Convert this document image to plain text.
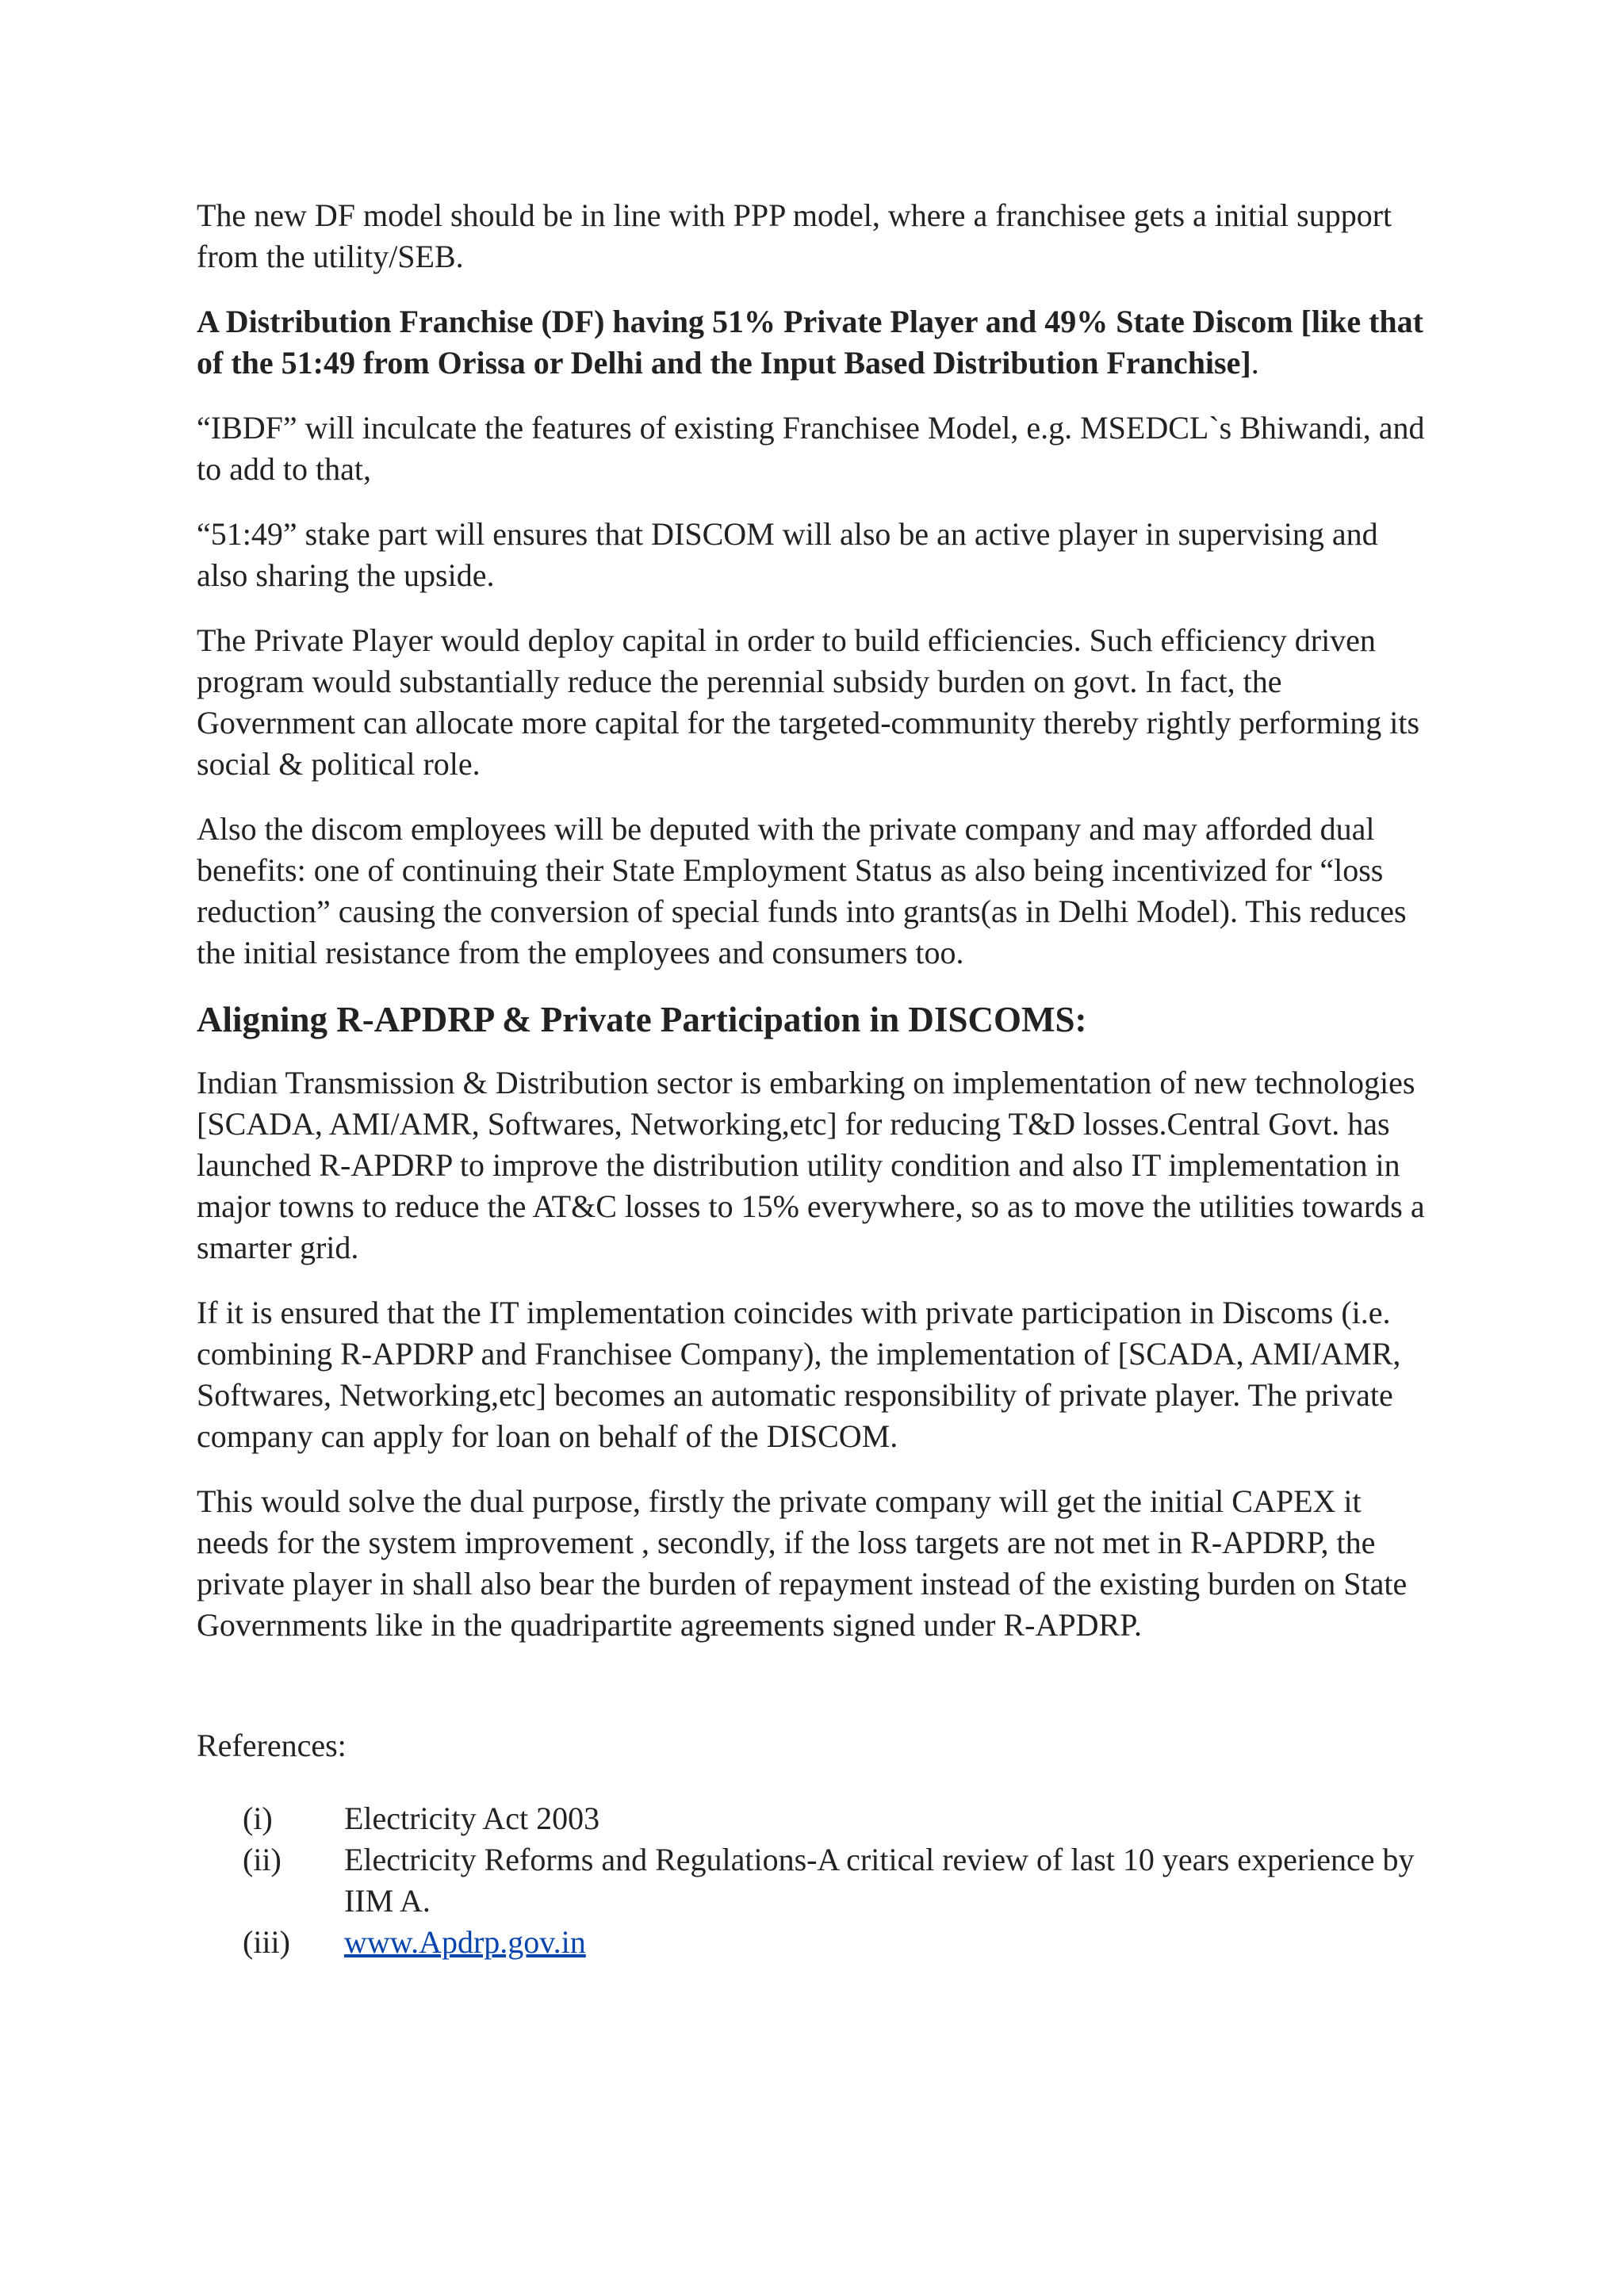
The new DF model should be in line with PPP model, where a franchisee gets a initial support from the utility/SEB.

A Distribution Franchise (DF) having 51% Private Player and 49% State Discom [like that of the 51:49 from Orissa or Delhi and the Input Based Distribution Franchise].

“IBDF” will inculcate the features of existing Franchisee Model, e.g. MSEDCL`s Bhiwandi, and to add to that,

“51:49” stake part will ensures that DISCOM will also be an active player in supervising and also sharing the upside.

The Private Player would deploy capital in order to build efficiencies. Such efficiency driven program would substantially reduce the perennial subsidy burden on govt. In fact, the Government can allocate more capital for the targeted-community thereby rightly performing its social & political role.

Also the discom employees will be deputed with the private company and may afforded dual benefits: one of continuing their State Employment Status as also being incentivized for “loss reduction” causing the conversion of special funds into grants(as in Delhi Model). This reduces the initial resistance from the employees and consumers too.

Aligning R-APDRP & Private Participation in DISCOMS:

Indian Transmission & Distribution sector is embarking on implementation of new technologies [SCADA, AMI/AMR, Softwares, Networking,etc] for reducing T&D losses.Central Govt. has launched R-APDRP to improve the distribution utility condition and also IT implementation in major towns to reduce the AT&C losses to 15% everywhere, so as to move the utilities towards a smarter grid.

If it is ensured that the IT implementation coincides with private participation in Discoms (i.e. combining R-APDRP and Franchisee Company), the implementation of [SCADA, AMI/AMR, Softwares, Networking,etc] becomes an automatic responsibility of private player. The private company can apply for loan on behalf of the DISCOM.

This would solve the dual purpose, firstly the private company will get the initial CAPEX it needs for the system improvement , secondly, if the loss targets are not met in R-APDRP, the private player in shall also bear the burden of repayment instead of the existing burden on State Governments like in the quadripartite agreements signed under R-APDRP.

References:

(i)	Electricity Act 2003
(ii)	Electricity Reforms and Regulations-A critical review of last 10 years experience by IIM A.
(iii)	www.Apdrp.gov.in
